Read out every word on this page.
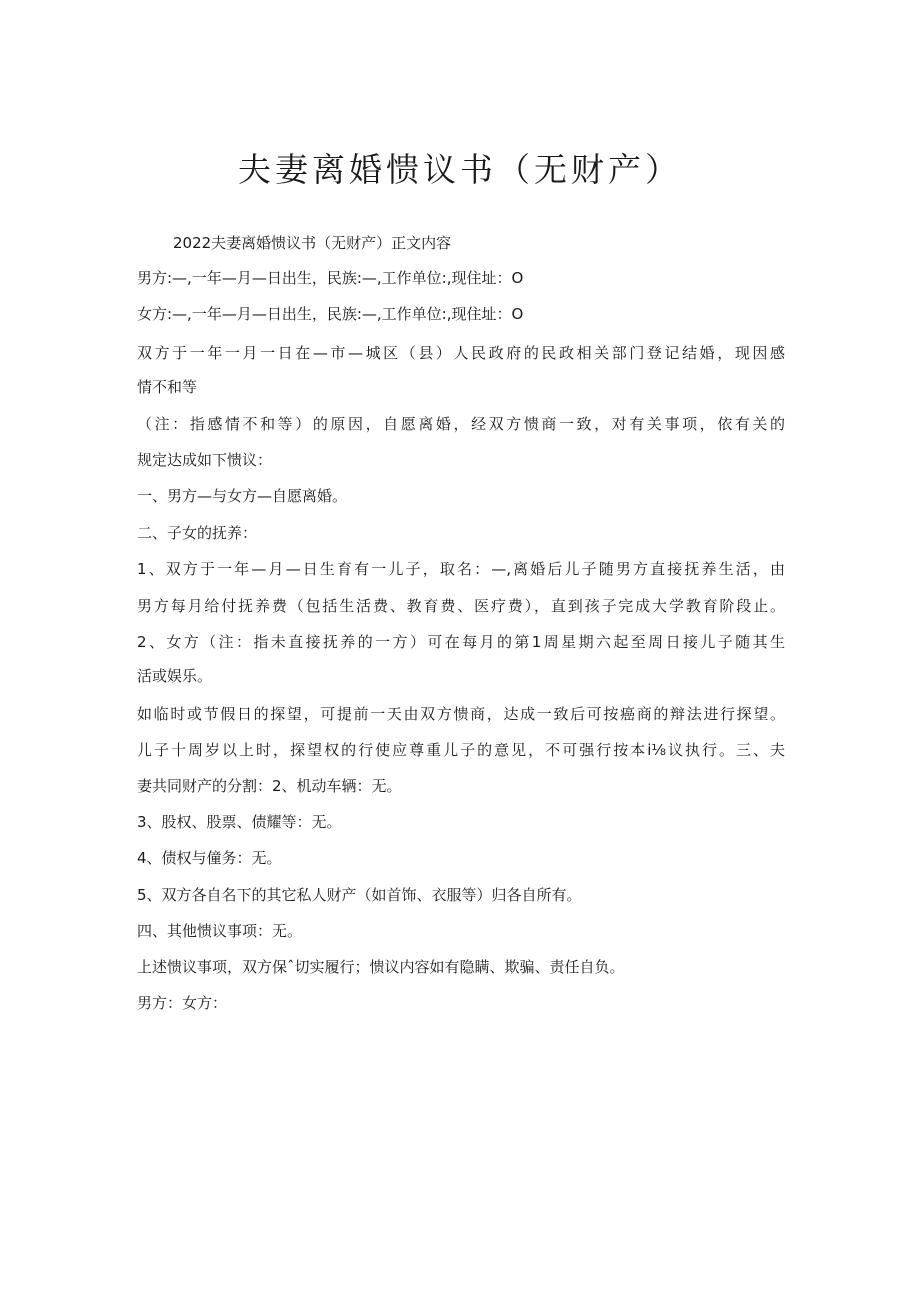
夫妻离婚愦议书（无财产）

2022夫妻离婚愦议书（无财产）正文内容

男方:—,一年—月—日出生，民族:—,工作单位:,现住址：O

女方:—,一年—月—日出生，民族:—,工作单位:,现住址：O

双方于一年一月一日在—市—城区（县）人民政府的民政相关部门登记结婚，现因感

情不和等

（注：指感情不和等）的原因，自愿离婚，经双方愦商一致，对有关事项，依有关的

规定达成如下愦议：

一、男方—与女方—自愿离婚。

二、子女的抚养：

1、双方于一年—月—日生育有一儿子，取名：—,离婚后儿子随男方直接抚养生活，由

男方每月给付抚养费（包括生活费、教育费、医疗费），直到孩子完成大学教育阶段止。

2、女方（注：指未直接抚养的一方）可在每月的第1周星期六起至周日接儿子随其生

活或娱乐。

如临时或节假日的探望，可提前一天由双方愦商，达成一致后可按癌商的辩法进行探望。

儿子十周岁以上时，探望权的行使应尊重儿子的意见，不可强行按本i⅛议执行。三、夫

妻共同财产的分割：2、机动车辆：无。

3、股权、股票、债耀等：无。

4、债权与僮务：无。

5、双方各自名下的其它私人财产（如首饰、衣服等）归各自所有。

四、其他愦议事项：无。

上述愦议事项，双方保ˆ切实履行；愦议内容如有隐瞒、欺骗、责任自负。

男方：女方：
